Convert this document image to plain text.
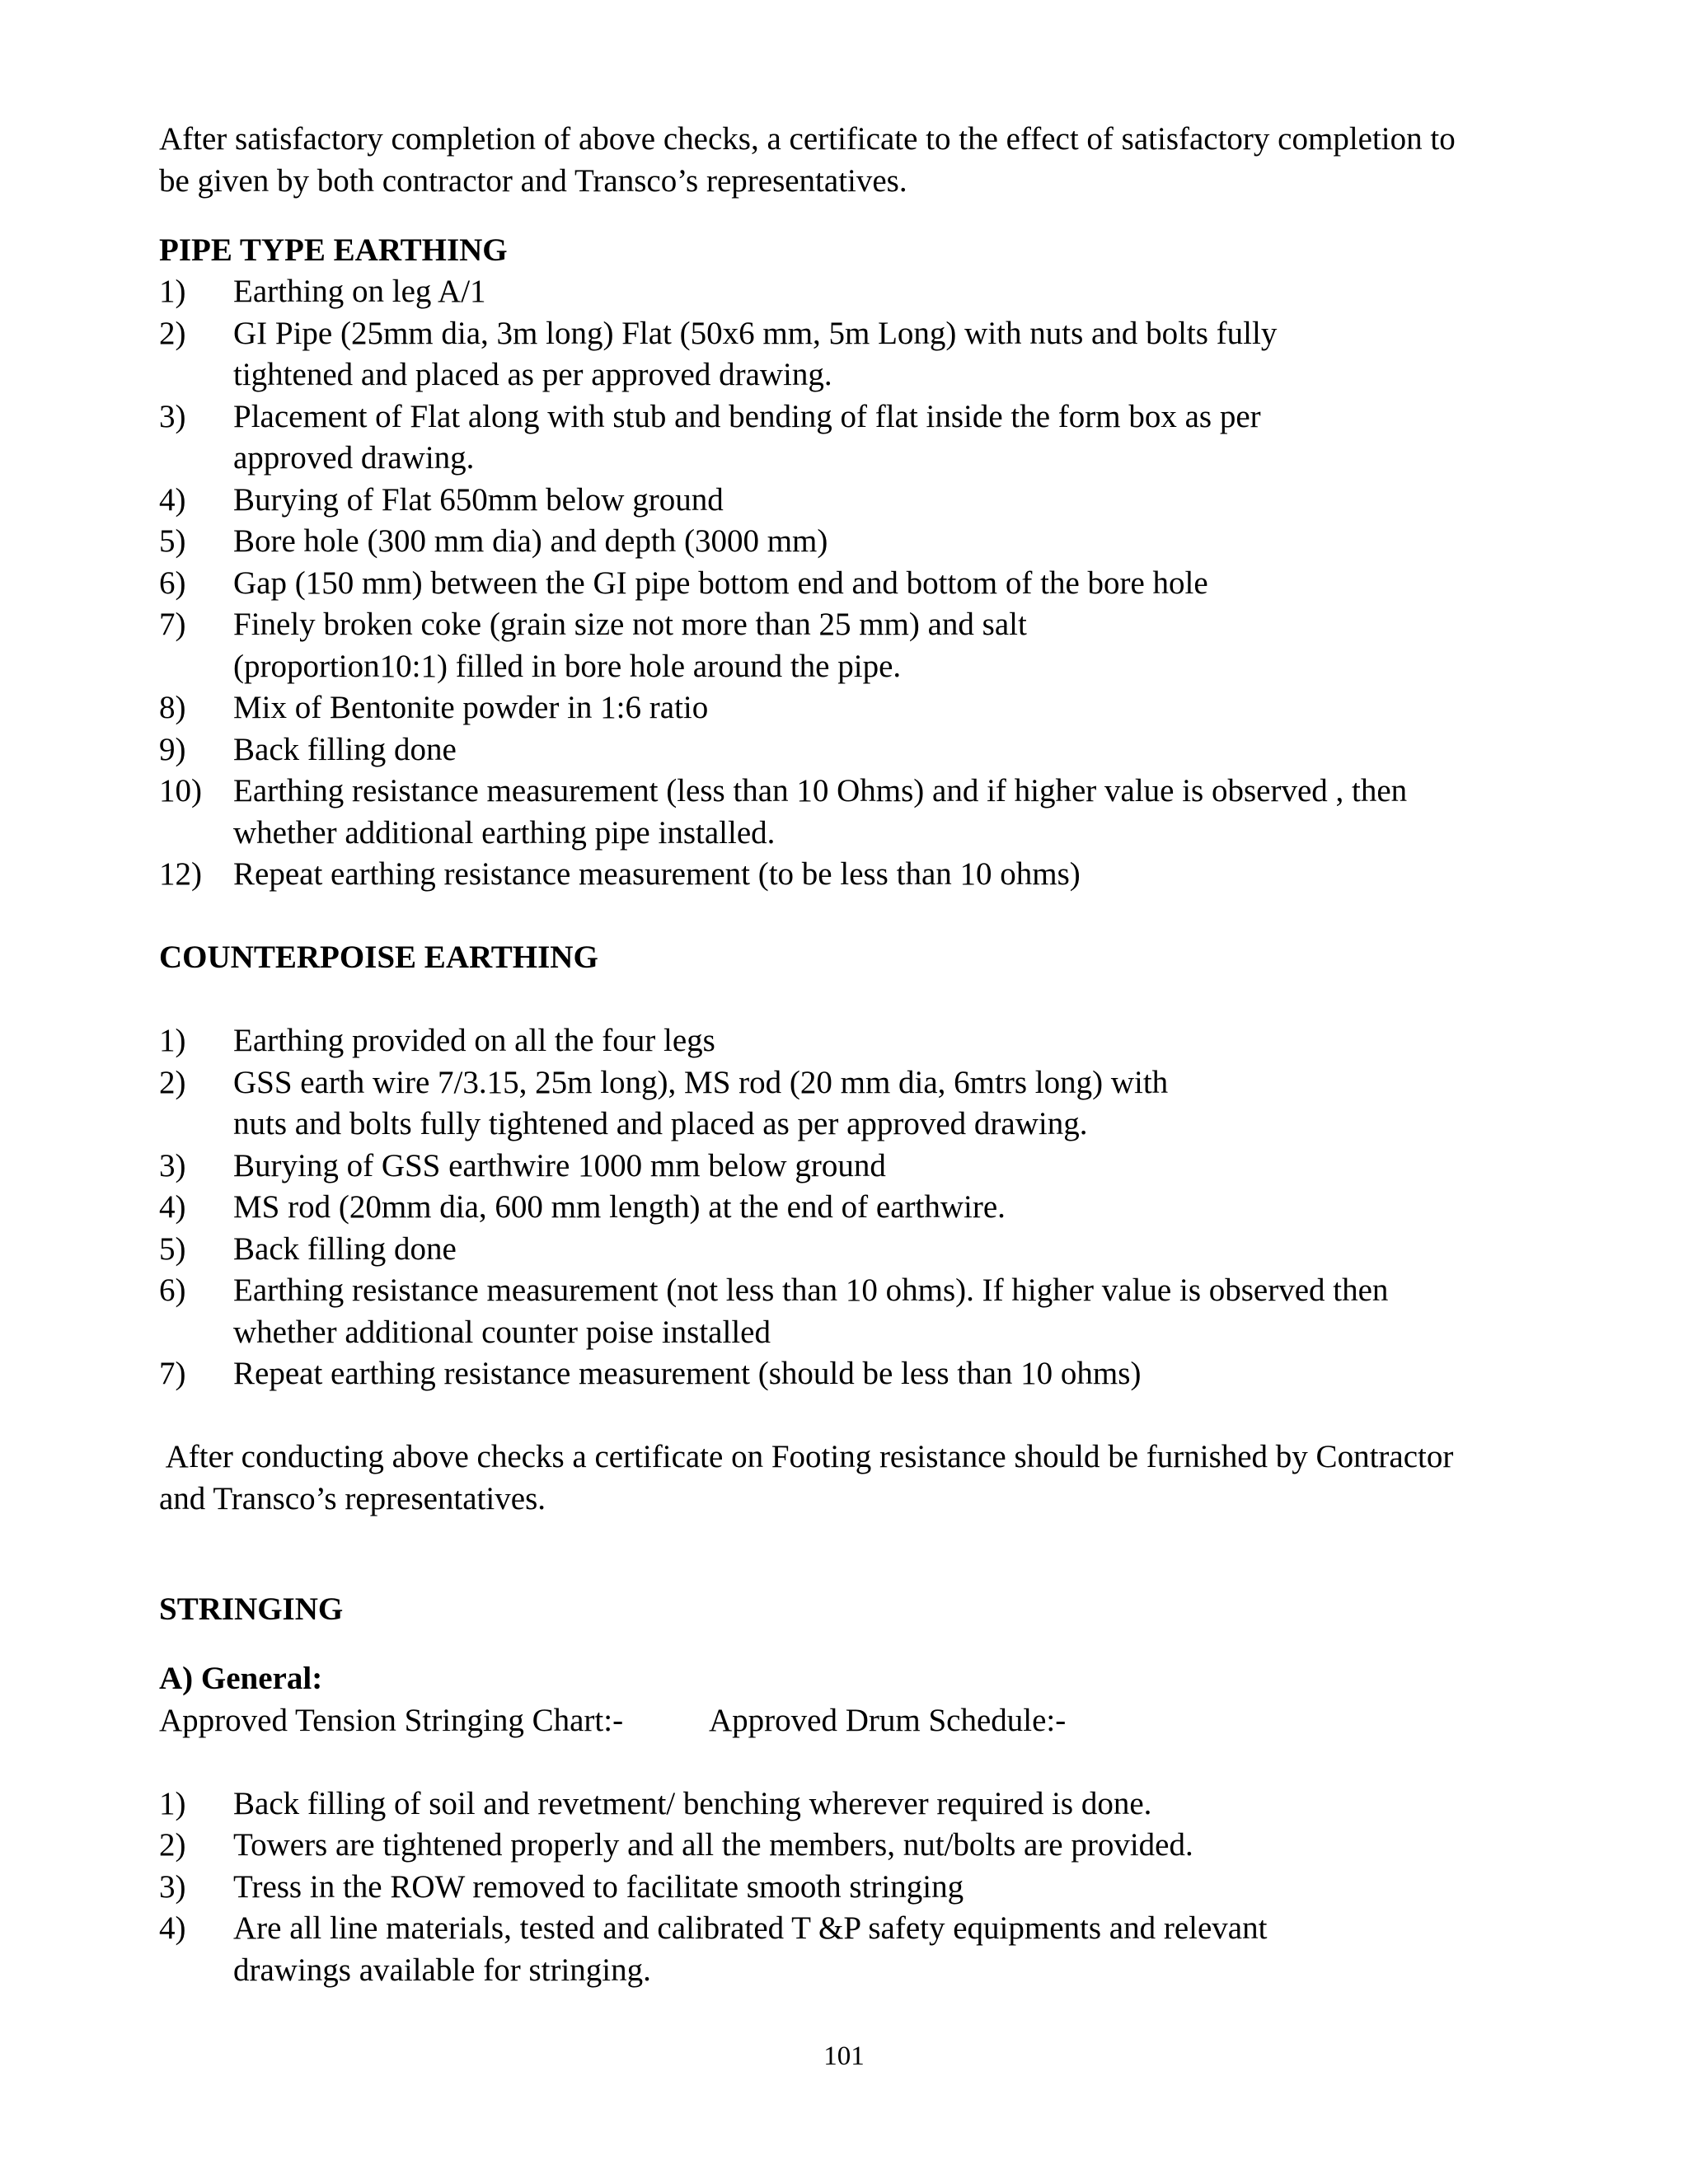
After satisfactory completion of above checks, a certificate to the effect of satisfactory completion to
be given by both contractor and Transco’s representatives.
PIPE TYPE EARTHING
1) Earthing on leg A/1
2) GI Pipe (25mm dia, 3m long) Flat (50x6 mm, 5m Long) with nuts and bolts fully
tightened and placed as per approved drawing.
3) Placement of Flat along with stub and bending of flat inside the form box as per
approved drawing.
4) Burying of Flat 650mm below ground
5) Bore hole (300 mm dia) and depth (3000 mm)
6) Gap (150 mm) between the GI pipe bottom end and bottom of the bore hole
7) Finely broken coke (grain size not more than 25 mm) and salt
(proportion10:1) filled in bore hole around the pipe.
8) Mix of Bentonite powder in 1:6 ratio
9) Back filling done
10) Earthing resistance measurement (less than 10 Ohms) and if higher value is observed , then
whether additional earthing pipe installed.
12) Repeat earthing resistance measurement (to be less than 10 ohms)
COUNTERPOISE EARTHING
1) Earthing provided on all the four legs
2) GSS earth wire 7/3.15, 25m long), MS rod (20 mm dia, 6mtrs long) with
nuts and bolts fully tightened and placed as per approved drawing.
3) Burying of GSS earthwire 1000 mm below ground
4) MS rod (20mm dia, 600 mm length) at the end of earthwire.
5) Back filling done
6) Earthing resistance measurement (not less than 10 ohms). If higher value is observed then
whether additional counter poise installed
7) Repeat earthing resistance measurement (should be less than 10 ohms)
After conducting above checks a certificate on Footing resistance should be furnished by Contractor
and Transco’s representatives.
STRINGING
A) General:
Approved Tension Stringing Chart:-	Approved Drum Schedule:-
1) Back filling of soil and revetment/ benching wherever required is done.
2) Towers are tightened properly and all the members, nut/bolts are provided.
3) Tress in the ROW removed to facilitate smooth stringing
4) Are all line materials, tested and calibrated T &P safety equipments and relevant
drawings available for stringing.
101
